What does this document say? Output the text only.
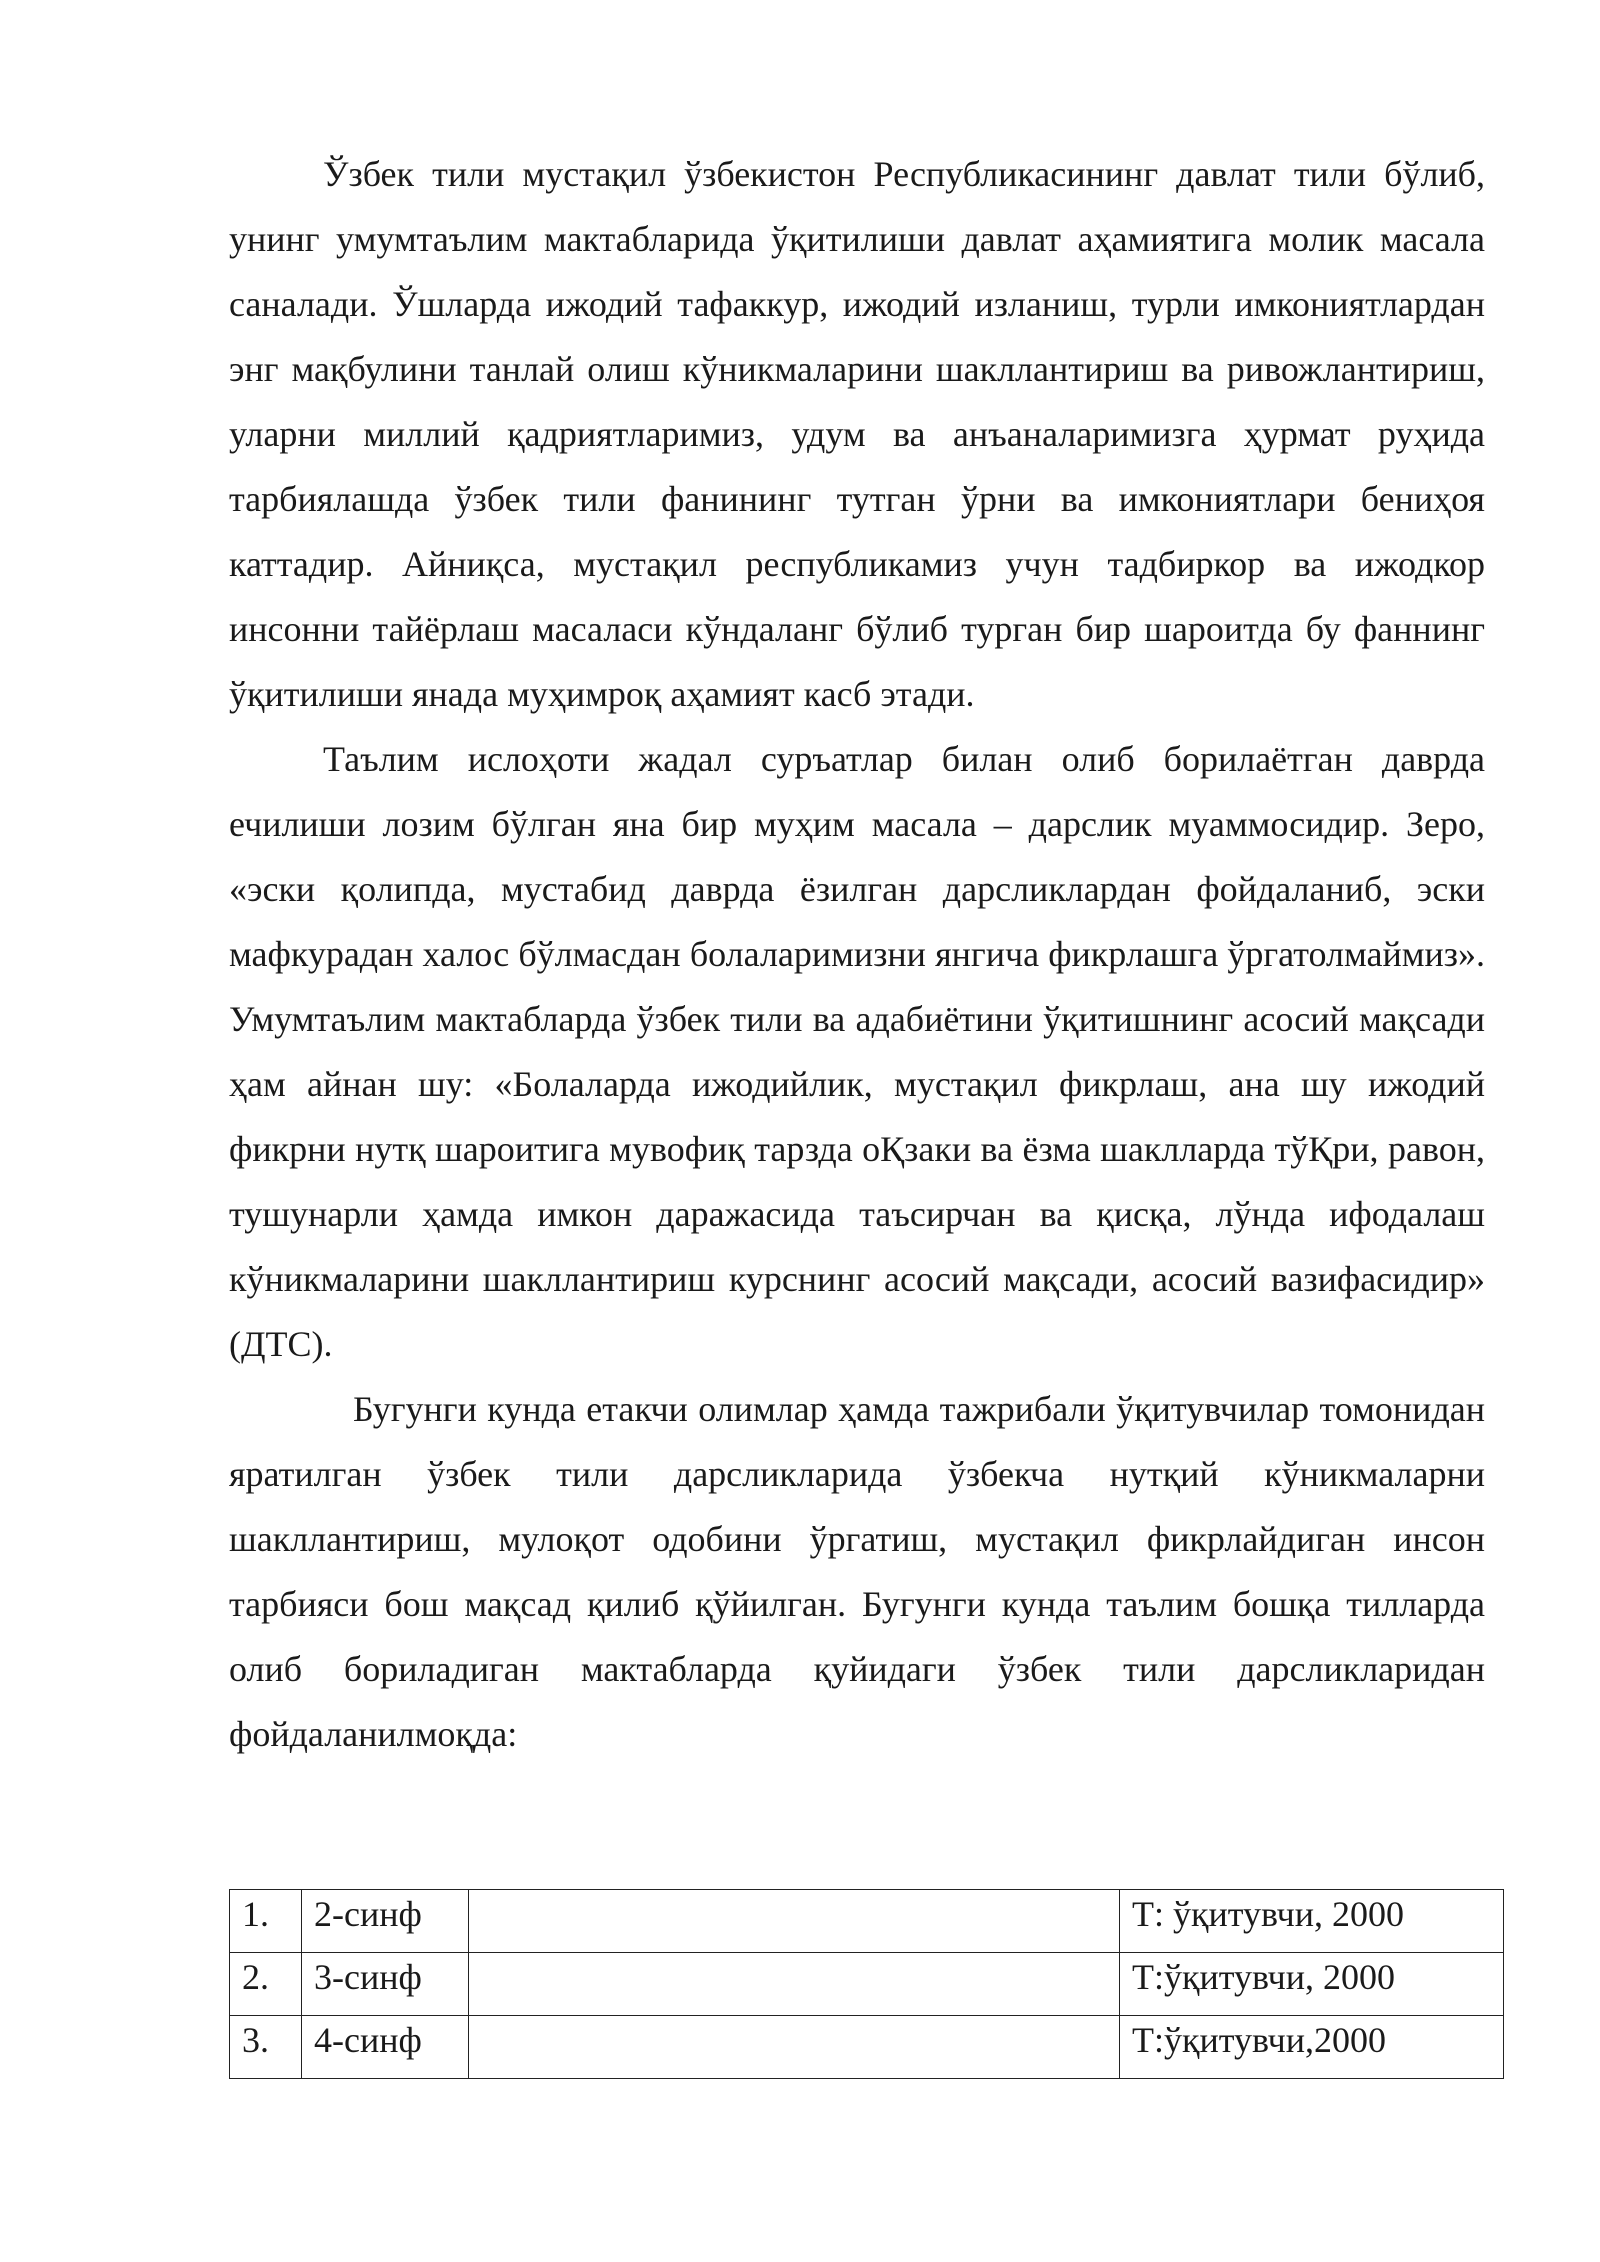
Ўзбек тили мустақил ўзбекистон Республикасининг давлат тили бўлиб, унинг умумтаълим мактабларида ўқитилиши давлат аҳамиятига молик масала саналади. Ўшларда ижодий тафаккур, ижодий изланиш, турли имкониятлардан энг мақбулини танлай олиш кўникмаларини шакллантириш ва ривожлантириш, уларни миллий қадриятларимиз, удум ва анъаналаримизга ҳурмат руҳида тарбиялашда ўзбек тили фанининг тутган ўрни ва имкониятлари бениҳоя каттадир. Айниқса, мустақил республикамиз учун тадбиркор ва ижодкор инсонни тайёрлаш масаласи кўндаланг бўлиб турган бир шароитда бу фаннинг ўқитилиши янада муҳимроқ аҳамият касб этади.

Таълим ислоҳоти жадал суръатлар билан олиб борилаётган даврда ечилиши лозим бўлган яна бир муҳим масала – дарслик муаммосидир. Зеро, «эски қолипда, мустабид даврда ёзилган дарсликлардан фойдаланиб, эски мафкурадан халос бўлмасдан болаларимизни янгича фикрлашга ўргатолмаймиз». Умумтаълим мактабларда ўзбек тили ва адабиётини ўқитишнинг асосий мақсади ҳам айнан шу: «Болаларда ижодийлик, мустақил фикрлаш, ана шу ижодий фикрни нутқ шароитига мувофиқ тарзда оҚзаки ва ёзма шаклларда тўҚри, равон, тушунарли ҳамда имкон даражасида таъсирчан ва қисқа, лўнда ифодалаш кўникмаларини шакллантириш курснинг асосий мақсади, асосий вазифасидир» (ДТС).

Бугунги кунда етакчи олимлар ҳамда тажрибали ўқитувчилар томонидан яратилган ўзбек тили дарсликларида ўзбекча нутқий кўникмаларни шакллантириш, мулоқот одобини ўргатиш, мустақил фикрлайдиган инсон тарбияси бош мақсад қилиб қўйилган. Бугунги кунда таълим бошқа тилларда олиб бориладиган мактабларда қуйидаги ўзбек тили дарсликларидан фойдаланилмоқда:

1.	2-синф		Т: ўқитувчи, 2000
2.	3-синф		Т:ўқитувчи, 2000
3.	4-синф		Т:ўқитувчи,2000
